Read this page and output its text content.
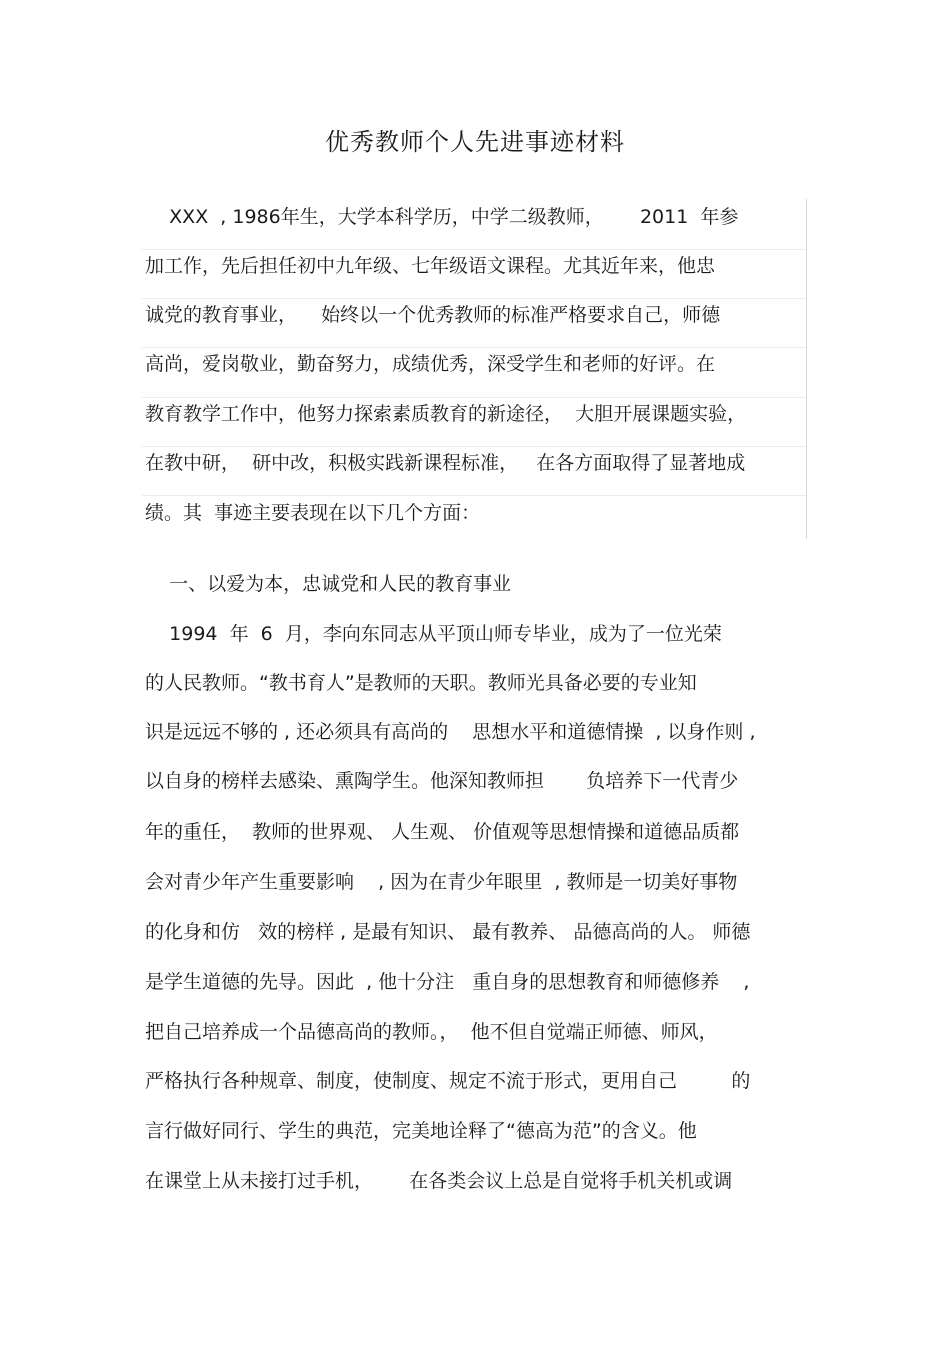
优秀教师个人先进事迹材料
XXX  , 1986年生，大学本科学历，中学二级教师，      2011  年参
加工作，先后担任初中九年级、七年级语文课程。尤其近年来，他忠
诚党的教育事业，    始终以一个优秀教师的标准严格要求自己，师德
高尚，爱岗敬业，勤奋努力，成绩优秀，深受学生和老师的好评。在
教育教学工作中，他努力探索素质教育的新途径，  大胆开展课题实验，
在教中研，  研中改，积极实践新课程标准，   在各方面取得了显著地成
绩。其  事迹主要表现在以下几个方面：
一、以爱为本，忠诚党和人民的教育事业
1994  年  6  月，李向东同志从平顶山师专毕业，成为了一位光荣
的人民教师。“教书育人”是教师的天职。教师光具备必要的专业知
识是远远不够的 , 还必须具有高尚的    思想水平和道德情操  , 以身作则 ,
以自身的榜样去感染、熏陶学生。他深知教师担       负培养下一代青少
年的重任，  教师的世界观、 人生观、 价值观等思想情操和道德品质都
会对青少年产生重要影响    , 因为在青少年眼里  , 教师是一切美好事物
的化身和仿   效的榜样 , 是最有知识、 最有教养、 品德高尚的人。 师德
是学生道德的先导。因此  , 他十分注   重自身的思想教育和师德修养    ,
把自己培养成一个品德高尚的教师。，  他不但自觉端正师德、师风，
严格执行各种规章、制度，使制度、规定不流于形式，更用自己         的
言行做好同行、学生的典范，完美地诠释了“德高为范”的含义。他
在课堂上从未接打过手机，      在各类会议上总是自觉将手机关机或调
